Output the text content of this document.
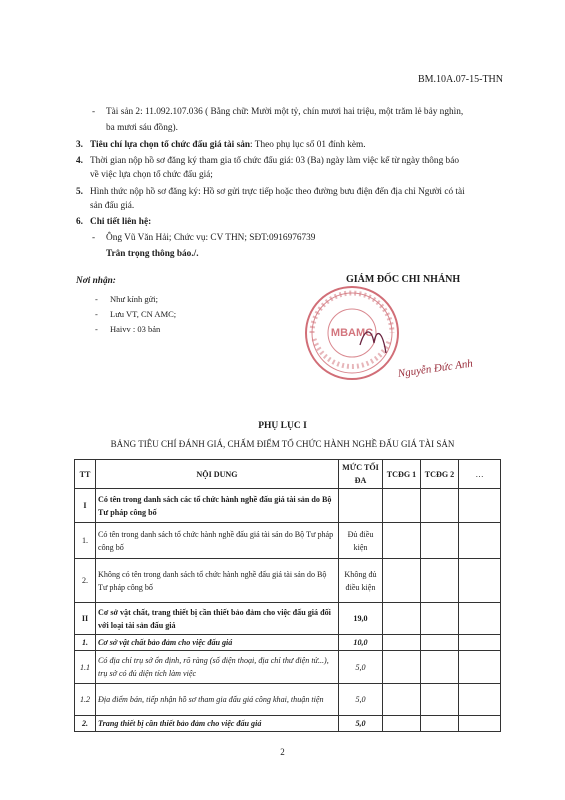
BM.10A.07-15-THN
- Tài sản 2: 11.092.107.036 ( Bằng chữ: Mười một tỷ, chín mươi hai triệu, một trăm lẻ bảy nghìn,
ba mươi sáu đồng).
3. Tiêu chí lựa chọn tổ chức đấu giá tài sản: Theo phụ lục số 01 đính kèm.
4. Thời gian nộp hồ sơ đăng ký tham gia tổ chức đấu giá: 03 (Ba) ngày làm việc kể từ ngày thông báo
về việc lựa chọn tổ chức đấu giá;
5. Hình thức nộp hồ sơ đăng ký: Hồ sơ gửi trực tiếp hoặc theo đường bưu điện đến địa chỉ Người có tài
sản đấu giá.
6. Chi tiết liên hệ:
- Ông Vũ Văn Hải; Chức vụ: CV THN; SĐT:0916976739
Trân trọng thông báo./.
Nơi nhận:
- Như kính gửi;
- Lưu VT, CN AMC;
- Haivv : 03 bản
GIÁM ĐỐC CHI NHÁNH
MBAMC
Nguyễn Đức Anh
PHỤ LỤC I
BẢNG TIÊU CHÍ ĐÁNH GIÁ, CHẤM ĐIỂM TỔ CHỨC HÀNH NGHỀ ĐẤU GIÁ TÀI SẢN
TT	NỘI DUNG	MỨC TỐI ĐA	TCĐG 1	TCĐG 2	…
I	Có tên trong danh sách các tổ chức hành nghề đấu giá tài sản do Bộ Tư pháp công bố				
1.	Có tên trong danh sách tổ chức hành nghề đấu giá tài sản do Bộ Tư pháp công bố	Đủ điều kiện			
2.	Không có tên trong danh sách tổ chức hành nghề đấu giá tài sản do Bộ Tư pháp công bố	Không đủ điều kiện			
II	Cơ sở vật chất, trang thiết bị cần thiết bảo đảm cho việc đấu giá đối với loại tài sản đấu giá	19,0			
1.	Cơ sở vật chất bảo đảm cho việc đấu giá	10,0			
1.1	Có địa chỉ trụ sở ổn định, rõ ràng (số điện thoại, địa chỉ thư điện tử...), trụ sở có đủ diện tích làm việc	5,0			
1.2	Địa điểm bán, tiếp nhận hồ sơ tham gia đấu giá công khai, thuận tiện	5,0			
2.	Trang thiết bị cần thiết bảo đảm cho việc đấu giá	5,0			
2
